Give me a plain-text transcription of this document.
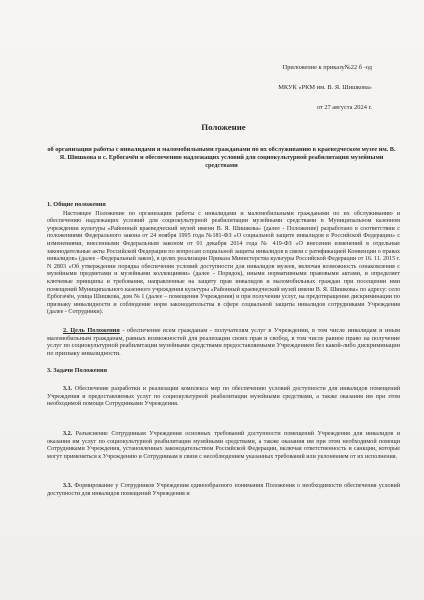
Приложение к приказу№22 б -од
МКУК «РКМ им. В. Я. Шишкова»
от 27 августа 2024 г.
Положение
об организации работы с инвалидами и маломобильными гражданами по их обслуживанию в краеведческом музее им. В. Я. Шишкова в с. Ербогачён и обеспечению надлежащих условий для социокультурной реабилитации музейными средствами
1. Общие положения

Настоящее Положение по организации работы с инвалидами и маломобильными гражданами по их обслуживанию и обеспечению надлежащих условий для социокультурной реабилитации музейными средствами в Муниципальном казенном учреждении культуры «Районный краеведческий музей имени В. Я. Шишкова» (далее - Положение) разработано в соответствии с положениями Федерального закона от 24 ноября 1995 года №181-ФЗ «О социальной защите инвалидов в Российской Федерации» с изменениями, внесенными Федеральным законом от 01 декабря 2014 года № 419-ФЗ «О внесении изменений в отдельные законодательные акты Российской Федерации по вопросам социальной защиты инвалидов в связи с ратификацией Конвенции о правах инвалидов» (далее - Федеральный закон), в целях реализации Приказа Министерства культуры Российской Федерации от 16. 11. 2015 г. N 2803 «Об утверждении порядка обеспечения условий доступности для инвалидов музеев, включая возможность ознакомления с музейными предметами и музейными коллекциями» (далее - Порядок), иными нормативными правовыми актами, и определяет ключевые принципы и требования, направленные на защиту прав инвалидов и маломобильных граждан при посещении ими помещений Муниципального казенного учреждения культуры «Районный краеведческий музей имени В. Я. Шишкова» по адресу: село Ербогачён, улица Шишкова, дом № 1 (далее – помещения Учреждения) и при получении услуг, на предотвращение дискриминации по признаку инвалидности и соблюдение норм законодательства в сфере социальной защиты инвалидов сотрудниками Учреждения (далее - Сотрудники).

2. Цель Положения - обеспечение всем гражданам - получателям услуг в Учреждении, в том числе инвалидам и иным маломобильным гражданам, равных возможностей для реализации своих прав и свобод, в том числе равное право на получение услуг по социокультурной реабилитации музейными средствами предоставляемыми Учреждением без какой-либо дискриминации по признаку инвалидности.

3. Задачи Положения
3.1. Обеспечение разработки и реализации комплекса мер по обеспечению условий доступности для инвалидов помещений Учреждения и предоставляемых услуг по социокультурной реабилитации музейными средствами, а также оказания им при этом необходимой помощи Сотрудниками Учреждения.
3.2. Разъяснение Сотрудникам Учреждения основных требований доступности помещений Учреждения для инвалидов и оказания им услуг по социокультурной реабилитации музейными средствами, а также оказания им при этом необходимой помощи Сотрудниками Учреждения, установленных законодательством Российской Федерации, включая ответственность и санкции, которые могут применяться к Учреждению и Сотрудникам в связи с несоблюдением указанных требований или уклонением от их исполнения.
3.3. Формирование у Сотрудников Учреждения единообразного понимания Положения о необходимости обеспечения условий доступности для инвалидов помещений Учреждения и
